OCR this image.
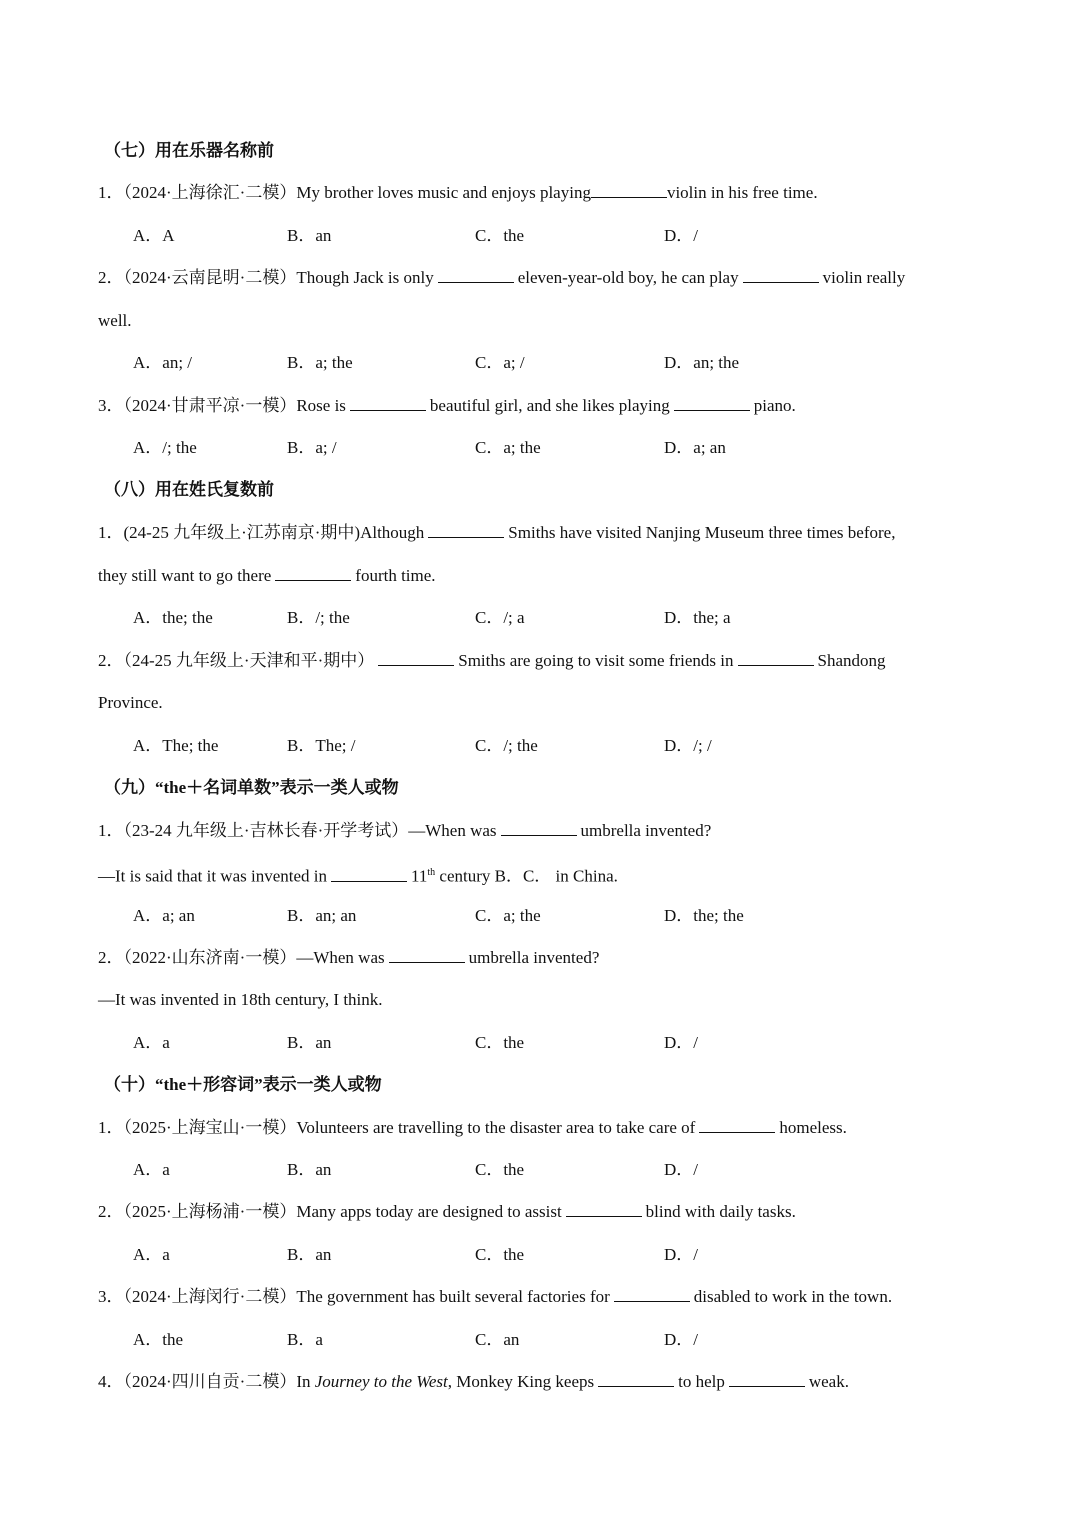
（七）用在乐器名称前
1．（2024·上海徐汇·二模）My brother loves music and enjoys playing	violin in his free time.
A．A	B．an	C．the	D．/
2．（2024·云南昆明·二模）Though Jack is only	eleven-year-old boy, he can play	violin really
well.
A．an; /	B．a; the	C．a; /	D．an; the
3．（2024·甘肃平凉·一模）Rose is	beautiful girl, and she likes playing	piano.
A．/; the	B．a; /	C．a; the	D．a; an
（八）用在姓氏复数前
1．(24-25 九年级上·江苏南京·期中)Although	Smiths have visited Nanjing Museum three times before,
they still want to go there	fourth time.
A．the; the	B．/; the	C．/; a	D．the; a
2．（24-25 九年级上·天津和平·期中）	Smiths are going to visit some friends in	Shandong
Province.
A．The; the	B．The; /	C．/; the	D．/; /
（九）“the＋名词单数”表示一类人或物
1．（23-24 九年级上·吉林长春·开学考试）—When was	umbrella invented?
—It is said that it was invented in	11th century B．C． in China.
A．a; an	B．an; an	C．a; the	D．the; the
2．（2022·山东济南·一模）—When was	umbrella invented?
—It was invented in 18th century, I think.
A．a	B．an	C．the	D．/
（十）“the＋形容词”表示一类人或物
1．（2025·上海宝山·一模）Volunteers are travelling to the disaster area to take care of	homeless.
A．a	B．an	C．the	D．/
2．（2025·上海杨浦·一模）Many apps today are designed to assist	blind with daily tasks.
A．a	B．an	C．the	D．/
3．（2024·上海闵行·二模）The government has built several factories for	disabled to work in the town.
A．the	B．a	C．an	D．/
4．（2024·四川自贡·二模）In Journey to the West, Monkey King keeps	to help	weak.
